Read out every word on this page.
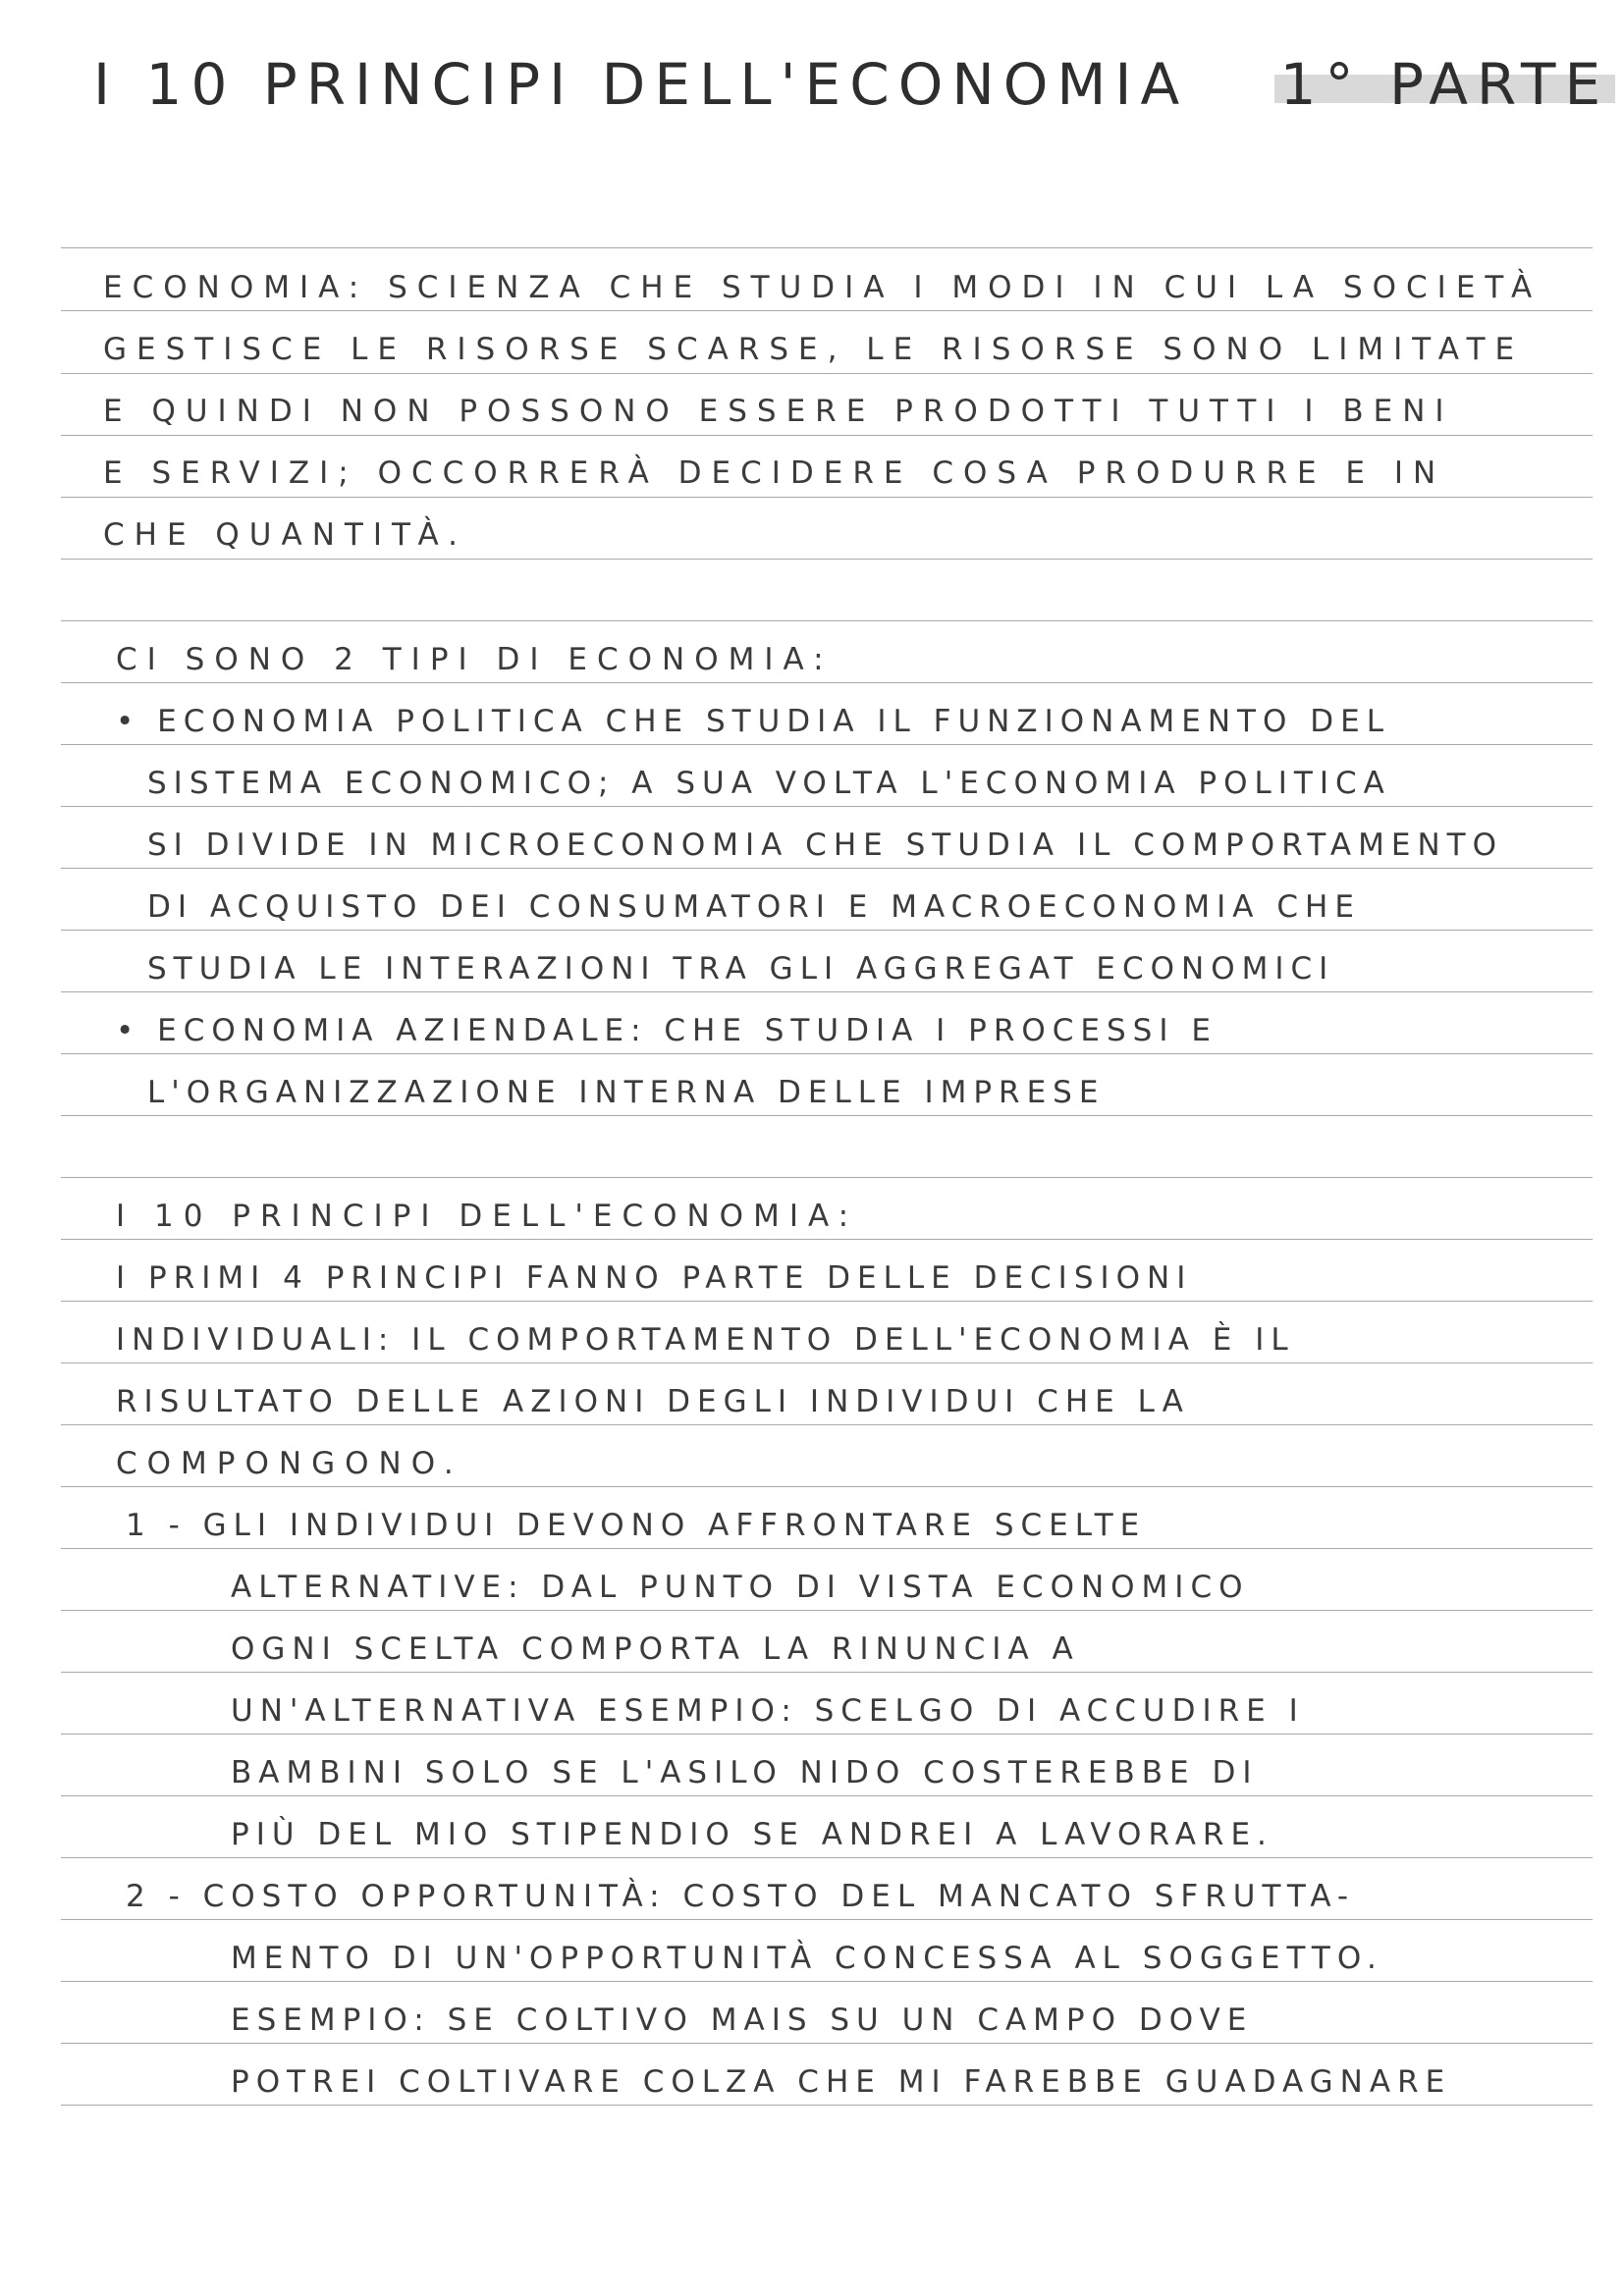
I 10 PRINCIPI DELL'ECONOMIA 1° PARTE
ECONOMIA: SCIENZA CHE STUDIA I MODI IN CUI LA SOCIETÀ
GESTISCE LE RISORSE SCARSE, LE RISORSE SONO LIMITATE
E QUINDI NON POSSONO ESSERE PRODOTTI TUTTI I BENI
E SERVIZI; OCCORRERÀ DECIDERE COSA PRODURRE E IN
CHE QUANTITÀ.
CI SONO 2 TIPI DI ECONOMIA:
• ECONOMIA POLITICA CHE STUDIA IL FUNZIONAMENTO DEL
SISTEMA ECONOMICO; A SUA VOLTA L'ECONOMIA POLITICA
SI DIVIDE IN MICROECONOMIA CHE STUDIA IL COMPORTAMENTO
DI ACQUISTO DEI CONSUMATORI E MACROECONOMIA CHE
STUDIA LE INTERAZIONI TRA GLI AGGREGAT ECONOMICI
• ECONOMIA AZIENDALE: CHE STUDIA I PROCESSI E
L'ORGANIZZAZIONE INTERNA DELLE IMPRESE
I 10 PRINCIPI DELL'ECONOMIA:
I PRIMI 4 PRINCIPI FANNO PARTE DELLE DECISIONI
INDIVIDUALI: IL COMPORTAMENTO DELL'ECONOMIA È IL
RISULTATO DELLE AZIONI DEGLI INDIVIDUI CHE LA
COMPONGONO.
1 - GLI INDIVIDUI DEVONO AFFRONTARE SCELTE
ALTERNATIVE: DAL PUNTO DI VISTA ECONOMICO
OGNI SCELTA COMPORTA LA RINUNCIA A
UN'ALTERNATIVA ESEMPIO: SCELGO DI ACCUDIRE I
BAMBINI SOLO SE L'ASILO NIDO COSTEREBBE DI
PIÙ DEL MIO STIPENDIO SE ANDREI A LAVORARE.
2 - COSTO OPPORTUNITÀ: COSTO DEL MANCATO SFRUTTA-
MENTO DI UN'OPPORTUNITÀ CONCESSA AL SOGGETTO.
ESEMPIO: SE COLTIVO MAIS SU UN CAMPO DOVE
POTREI COLTIVARE COLZA CHE MI FAREBBE GUADAGNARE
